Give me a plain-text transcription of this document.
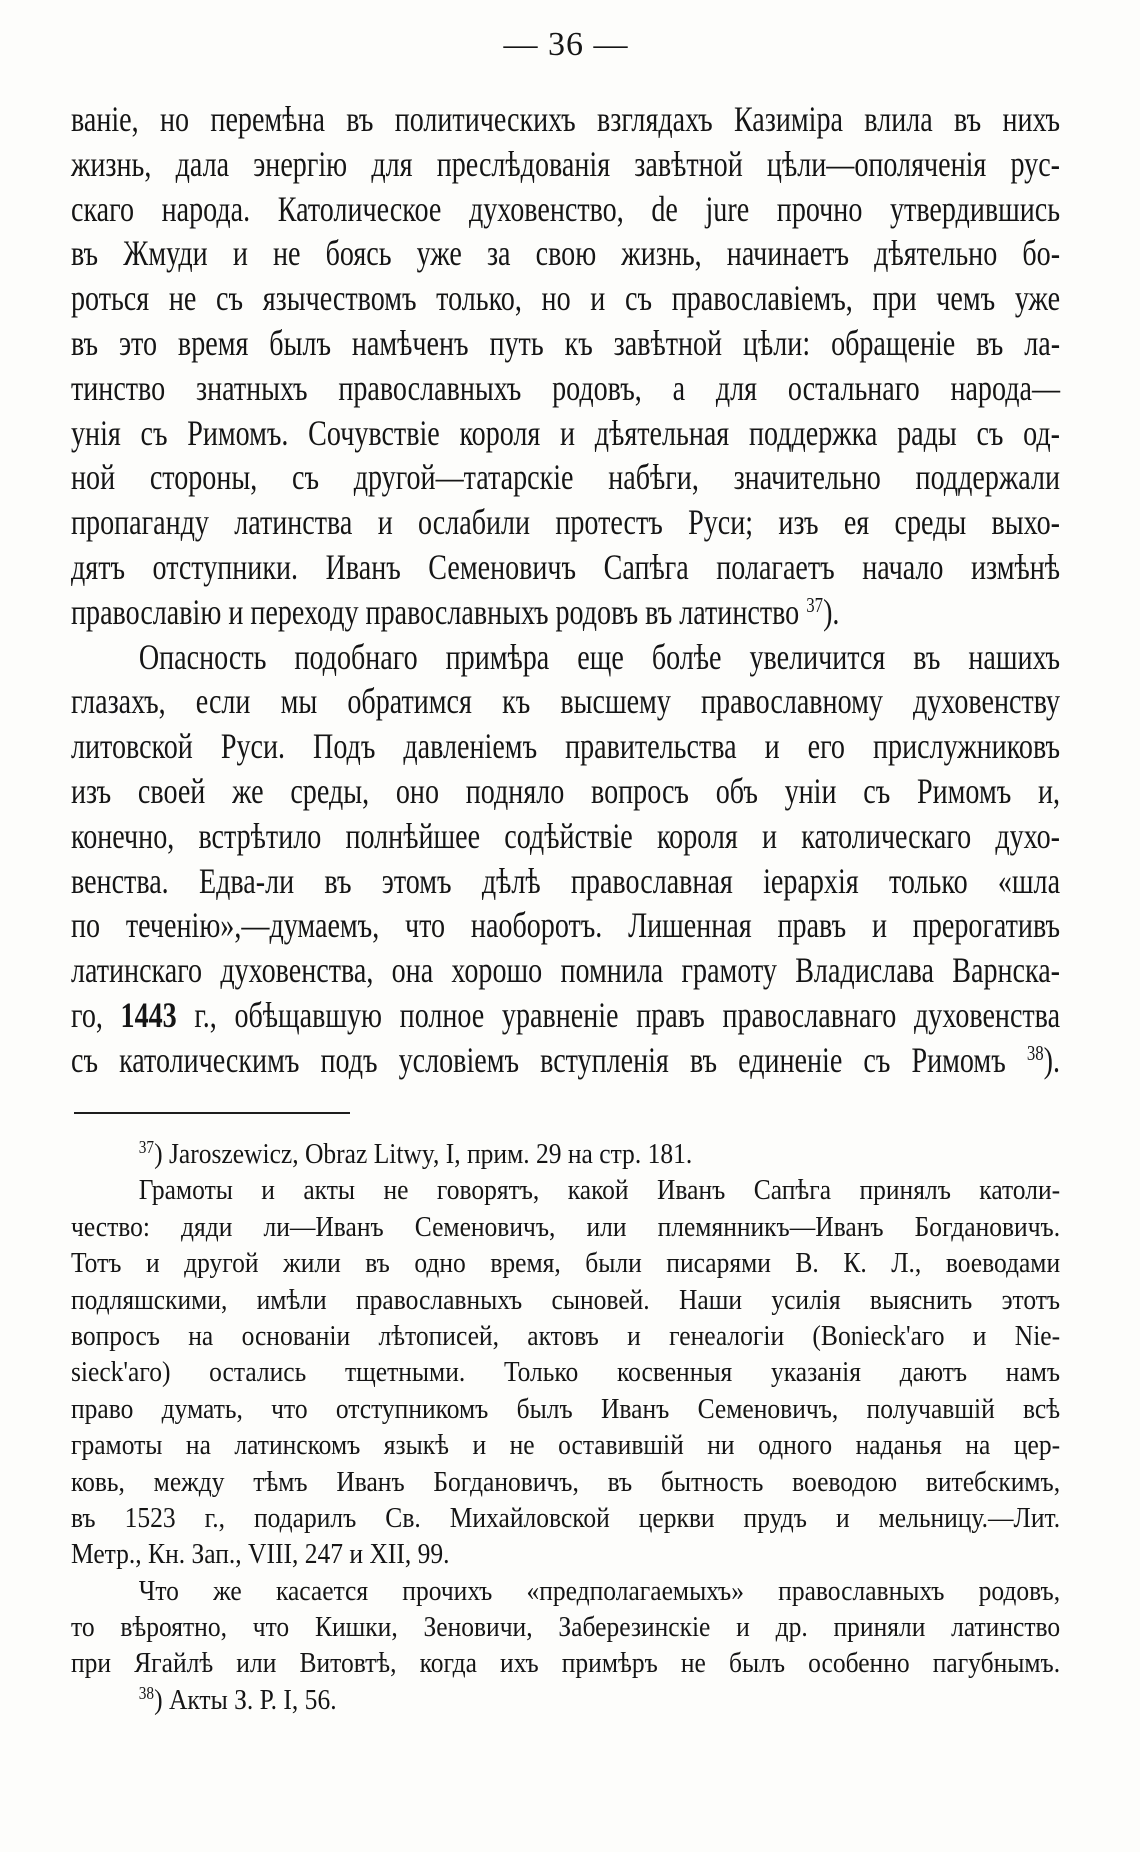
— 36 —
ваніе, но перемѣна въ политическихъ взглядахъ Казиміра влила въ нихъ
жизнь, дала энергію для преслѣдованія завѣтной цѣли—ополяченія рус-
скаго народа. Католическое духовенство, de jure прочно утвердившись
въ Жмуди и не боясь уже за свою жизнь, начинаетъ дѣятельно бо-
роться не съ язычествомъ только, но и съ православіемъ, при чемъ уже
въ это время былъ намѣченъ путь къ завѣтной цѣли: обращеніе въ ла-
тинство знатныхъ православныхъ родовъ, а для остальнаго народа—
унія съ Римомъ. Сочувствіе короля и дѣятельная поддержка рады съ од-
ной стороны, съ другой—татарскіе набѣги, значительно поддержали
пропаганду латинства и ослабили протестъ Руси; изъ ея среды выхо-
дятъ отступники. Иванъ Семеновичъ Сапѣга полагаетъ начало измѣнѣ
православію и переходу православныхъ родовъ въ латинство $^{37}$).
Опасность подобнаго примѣра еще болѣе увеличится въ нашихъ
глазахъ, если мы обратимся къ высшему православному духовенству
литовской Руси. Подъ давленіемъ правительства и его прислужниковъ
изъ своей же среды, оно подняло вопросъ объ уніи съ Римомъ и,
конечно, встрѣтило полнѣйшее содѣйствіе короля и католическаго духо-
венства. Едва-ли въ этомъ дѣлѣ православная іерархія только «шла
по теченію»,—думаемъ, что наоборотъ. Лишенная правъ и прерогативъ
латинскаго духовенства, она хорошо помнила грамоту Владислава Варнска-
го, 1443 г., обѣщавшую полное уравненіе правъ православнаго духовенства
съ католическимъ подъ условіемъ вступленія въ единеніе съ Римомъ $^{38}$).
$^{37}$) Jaroszewicz, Obraz Litwy, I, прим. 29 на стр. 181.
Грамоты и акты не говорятъ, какой Иванъ Сапѣга принялъ католи-
чество: дяди ли—Иванъ Семеновичъ, или племянникъ—Иванъ Богдановичъ.
Тотъ и другой жили въ одно время, были писарями В. К. Л., воеводами
подляшскими, имѣли православныхъ сыновей. Наши усилія выяснить этотъ
вопросъ на основаніи лѣтописей, актовъ и генеалогіи (Bonieck'аго и Nie-
sieck'аго) остались тщетными. Только косвенныя указанія даютъ намъ
право думать, что отступникомъ былъ Иванъ Семеновичъ, получавшій всѣ
грамоты на латинскомъ языкѣ и не оставившій ни одного наданья на цер-
ковь, между тѣмъ Иванъ Богдановичъ, въ бытность воеводою витебскимъ,
въ 1523 г., подарилъ Св. Михайловской церкви прудъ и мельницу.—Лит.
Метр., Кн. Зап., VIII, 247 и XII, 99.
Что же касается прочихъ «предполагаемыхъ» православныхъ родовъ,
то вѣроятно, что Кишки, Зеновичи, Заберезинскіе и др. приняли латинство
при Ягайлѣ или Витовтѣ, когда ихъ примѣръ не былъ особенно пагубнымъ.
$^{38}$) Акты З. Р. I, 56.
